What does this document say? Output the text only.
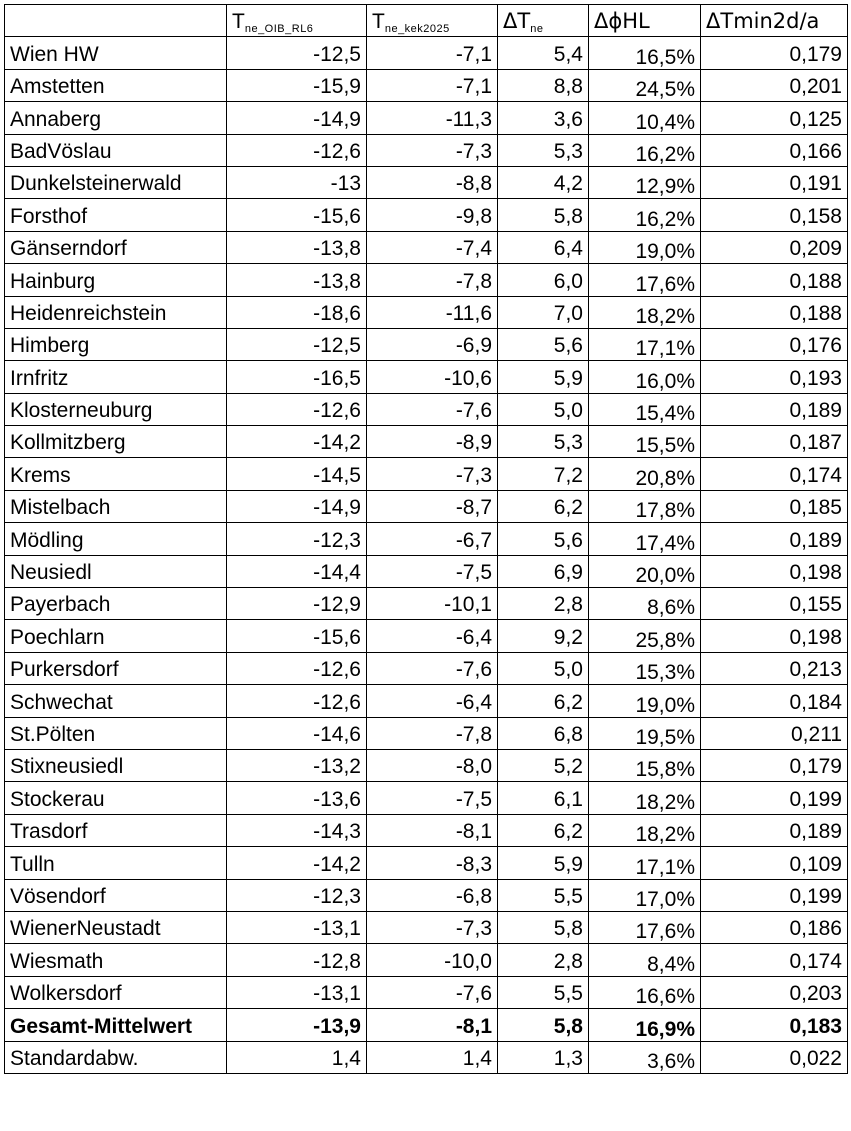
	Tne_OIB_RL6	Tne_kek2025	ΔTne	ΔϕHL	ΔTmin2d/a
Wien HW	-12,5	-7,1	5,4	16,5%	0,179
Amstetten	-15,9	-7,1	8,8	24,5%	0,201
Annaberg	-14,9	-11,3	3,6	10,4%	0,125
BadVöslau	-12,6	-7,3	5,3	16,2%	0,166
Dunkelsteinerwald	-13	-8,8	4,2	12,9%	0,191
Forsthof	-15,6	-9,8	5,8	16,2%	0,158
Gänserndorf	-13,8	-7,4	6,4	19,0%	0,209
Hainburg	-13,8	-7,8	6,0	17,6%	0,188
Heidenreichstein	-18,6	-11,6	7,0	18,2%	0,188
Himberg	-12,5	-6,9	5,6	17,1%	0,176
Irnfritz	-16,5	-10,6	5,9	16,0%	0,193
Klosterneuburg	-12,6	-7,6	5,0	15,4%	0,189
Kollmitzberg	-14,2	-8,9	5,3	15,5%	0,187
Krems	-14,5	-7,3	7,2	20,8%	0,174
Mistelbach	-14,9	-8,7	6,2	17,8%	0,185
Mödling	-12,3	-6,7	5,6	17,4%	0,189
Neusiedl	-14,4	-7,5	6,9	20,0%	0,198
Payerbach	-12,9	-10,1	2,8	8,6%	0,155
Poechlarn	-15,6	-6,4	9,2	25,8%	0,198
Purkersdorf	-12,6	-7,6	5,0	15,3%	0,213
Schwechat	-12,6	-6,4	6,2	19,0%	0,184
St.Pölten	-14,6	-7,8	6,8	19,5%	0,211
Stixneusiedl	-13,2	-8,0	5,2	15,8%	0,179
Stockerau	-13,6	-7,5	6,1	18,2%	0,199
Trasdorf	-14,3	-8,1	6,2	18,2%	0,189
Tulln	-14,2	-8,3	5,9	17,1%	0,109
Vösendorf	-12,3	-6,8	5,5	17,0%	0,199
WienerNeustadt	-13,1	-7,3	5,8	17,6%	0,186
Wiesmath	-12,8	-10,0	2,8	8,4%	0,174
Wolkersdorf	-13,1	-7,6	5,5	16,6%	0,203
Gesamt-Mittelwert	-13,9	-8,1	5,8	16,9%	0,183
Standardabw.	1,4	1,4	1,3	3,6%	0,022
